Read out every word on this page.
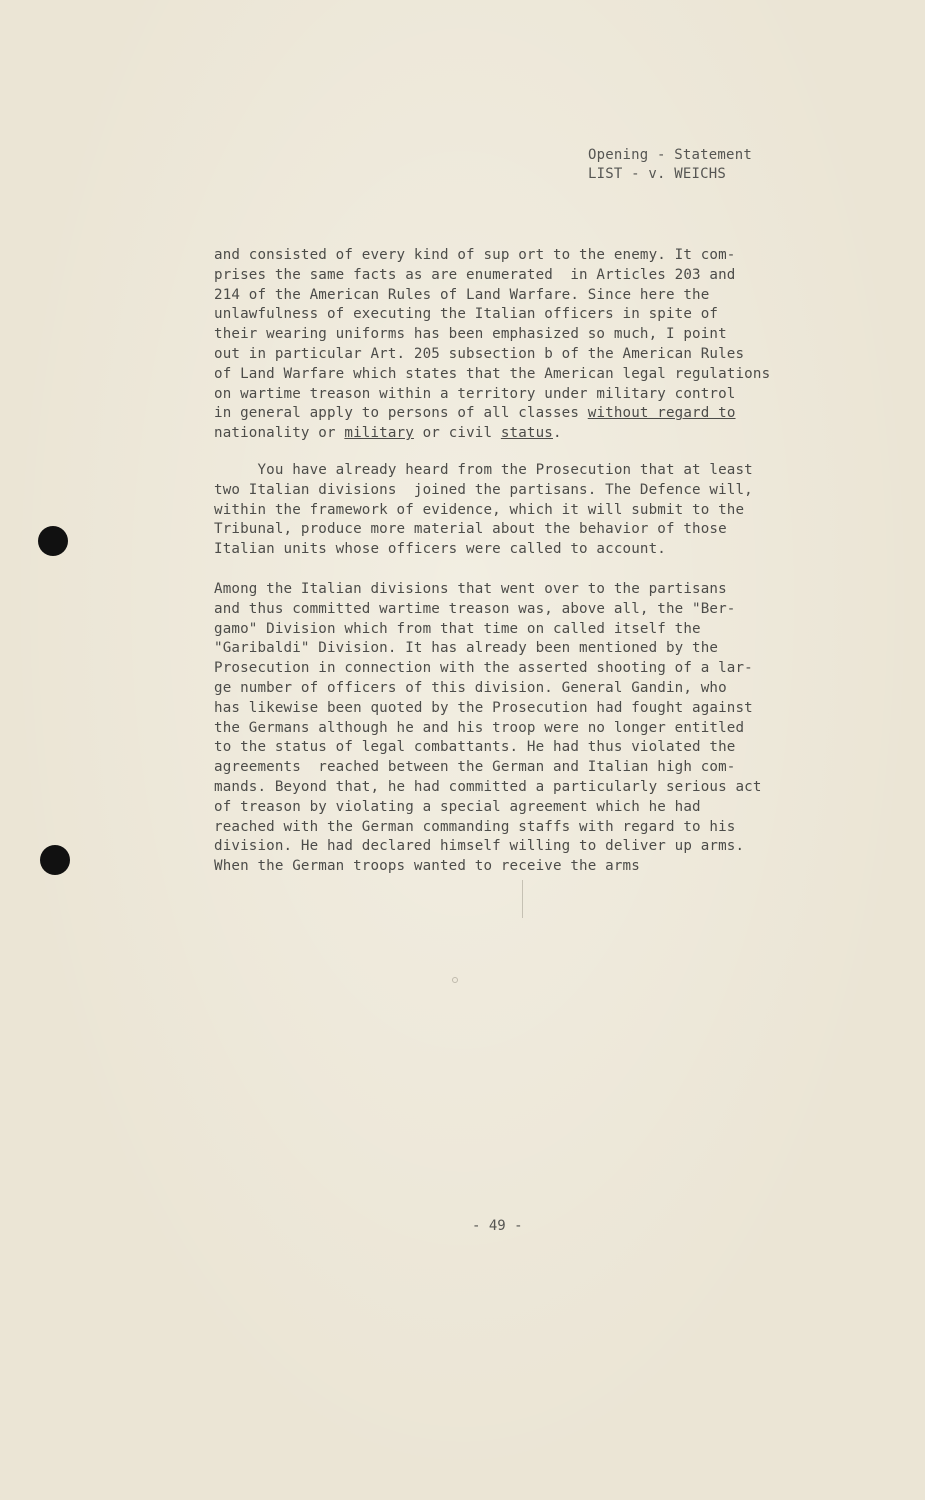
Opening - Statement
LIST - v. WEICHS
and consisted of every kind of sup ort to the enemy. It com-
prises the same facts as are enumerated  in Articles 203 and
214 of the American Rules of Land Warfare. Since here the
unlawfulness of executing the Italian officers in spite of
their wearing uniforms has been emphasized so much, I point
out in particular Art. 205 subsection b of the American Rules
of Land Warfare which states that the American legal regulations
on wartime treason within a territory under military control
in general apply to persons of all classes without regard to
nationality or military or civil status.
You have already heard from the Prosecution that at least
two Italian divisions  joined the partisans. The Defence will,
within the framework of evidence, which it will submit to the
Tribunal, produce more material about the behavior of those
Italian units whose officers were called to account.
Among the Italian divisions that went over to the partisans
and thus committed wartime treason was, above all, the "Ber-
gamo" Division which from that time on called itself the
"Garibaldi" Division. It has already been mentioned by the
Prosecution in connection with the asserted shooting of a lar-
ge number of officers of this division. General Gandin, who
has likewise been quoted by the Prosecution had fought against
the Germans although he and his troop were no longer entitled
to the status of legal combattants. He had thus violated the
agreements  reached between the German and Italian high com-
mands. Beyond that, he had committed a particularly serious act
of treason by violating a special agreement which he had
reached with the German commanding staffs with regard to his
division. He had declared himself willing to deliver up arms.
When the German troops wanted to receive the arms
- 49 -
